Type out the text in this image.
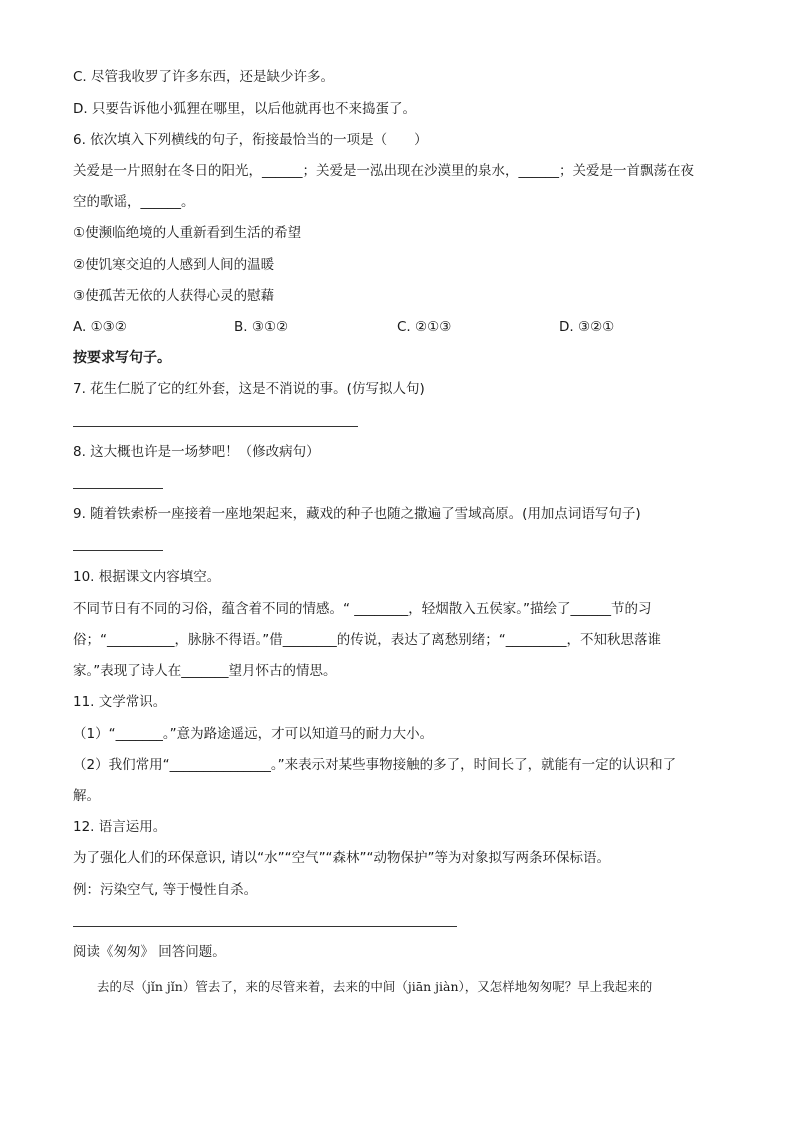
C. 尽管我收罗了许多东西，还是缺少许多。
D. 只要告诉他小狐狸在哪里，以后他就再也不来捣蛋了。
6. 依次填入下列横线的句子，衔接最恰当的一项是（　　）
关爱是一片照射在冬日的阳光，______；关爱是一泓出现在沙漠里的泉水，______；关爱是一首飘荡在夜
空的歌谣，______。
①使濒临绝境的人重新看到生活的希望
②使饥寒交迫的人感到人间的温暖
③使孤苦无依的人获得心灵的慰藉
A. ①③②	B. ③①②	C. ②①③	D. ③②①
按要求写句子。
7. 花生仁脱了它的红外套，这是不消说的事。(仿写拟人句)
8. 这大概也许是一场梦吧！（修改病句）
9. 随着铁索桥一座接着一座地架起来，藏戏的种子也随之撒遍了雪域高原。(用加点词语写句子)
10. 根据课文内容填空。
不同节日有不同的习俗，蕴含着不同的情感。“ ________，轻烟散入五侯家。”描绘了______节的习
俗；“__________，脉脉不得语。”借________的传说，表达了离愁别绪；“_________，不知秋思落谁
家。”表现了诗人在_______望月怀古的情思。
11. 文学常识。
（1）“_______。”意为路途遥远，才可以知道马的耐力大小。
（2）我们常用“_______________。”来表示对某些事物接触的多了，时间长了，就能有一定的认识和了
解。
12. 语言运用。
为了强化人们的环保意识, 请以“水”“空气”“森林”“动物保护”等为对象拟写两条环保标语。
例：污染空气, 等于慢性自杀。
阅读《匆匆》 回答问题。
去的尽（jǐn jǐn）管去了，来的尽管来着，去来的中间（jiān jiàn），又怎样地匆匆呢？早上我起来的
